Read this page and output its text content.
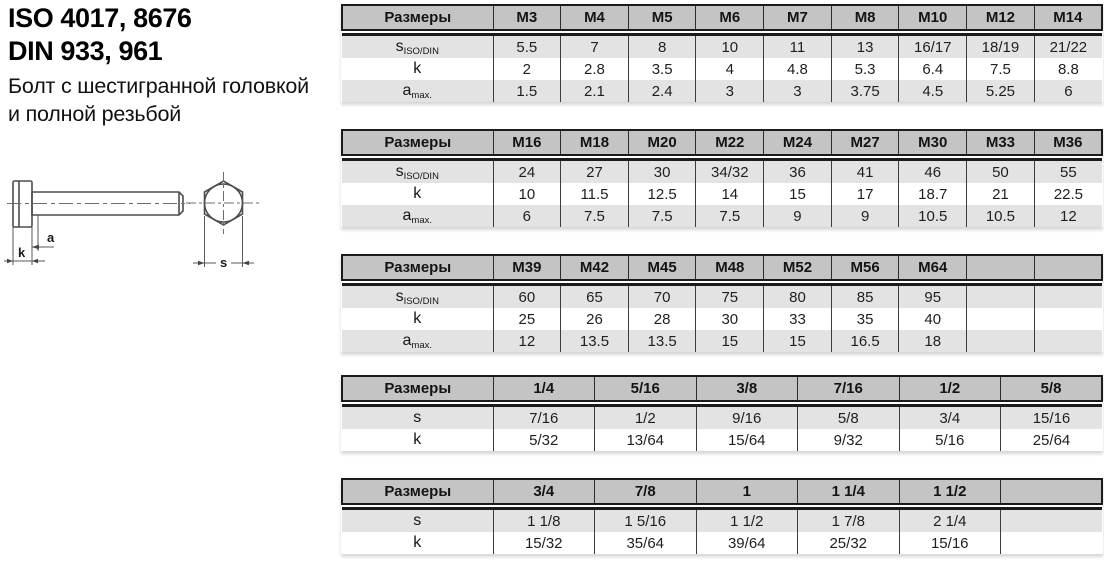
ISO 4017, 8676
DIN 933, 961
Болт с шестигранной головкой
и полной резьбой
a
k
s
Размеры	M3	M4	M5	M6	M7	M8	M10	M12	M14

$s_{ISO/DIN}$	5.5	7	8	10	11	13	16/17	18/19	21/22
k	2	2.8	3.5	4	4.8	5.3	6.4	7.5	8.8
$a_{max.}$	1.5	2.1	2.4	3	3	3.75	4.5	5.25	6
Размеры	M16	M18	M20	M22	M24	M27	M30	M33	M36

$s_{ISO/DIN}$	24	27	30	34/32	36	41	46	50	55
k	10	11.5	12.5	14	15	17	18.7	21	22.5
$a_{max.}$	6	7.5	7.5	7.5	9	9	10.5	10.5	12
Размеры	M39	M42	M45	M48	M52	M56	M64		

$s_{ISO/DIN}$	60	65	70	75	80	85	95		
k	25	26	28	30	33	35	40		
$a_{max.}$	12	13.5	13.5	15	15	16.5	18		
Размеры	1/4	5/16	3/8	7/16	1/2	5/8

s	7/16	1/2	9/16	5/8	3/4	15/16
k	5/32	13/64	15/64	9/32	5/16	25/64
Размеры	3/4	7/8	1	1 1/4	1 1/2	

s	1 1/8	1 5/16	1 1/2	1 7/8	2 1/4	
k	15/32	35/64	39/64	25/32	15/16	
